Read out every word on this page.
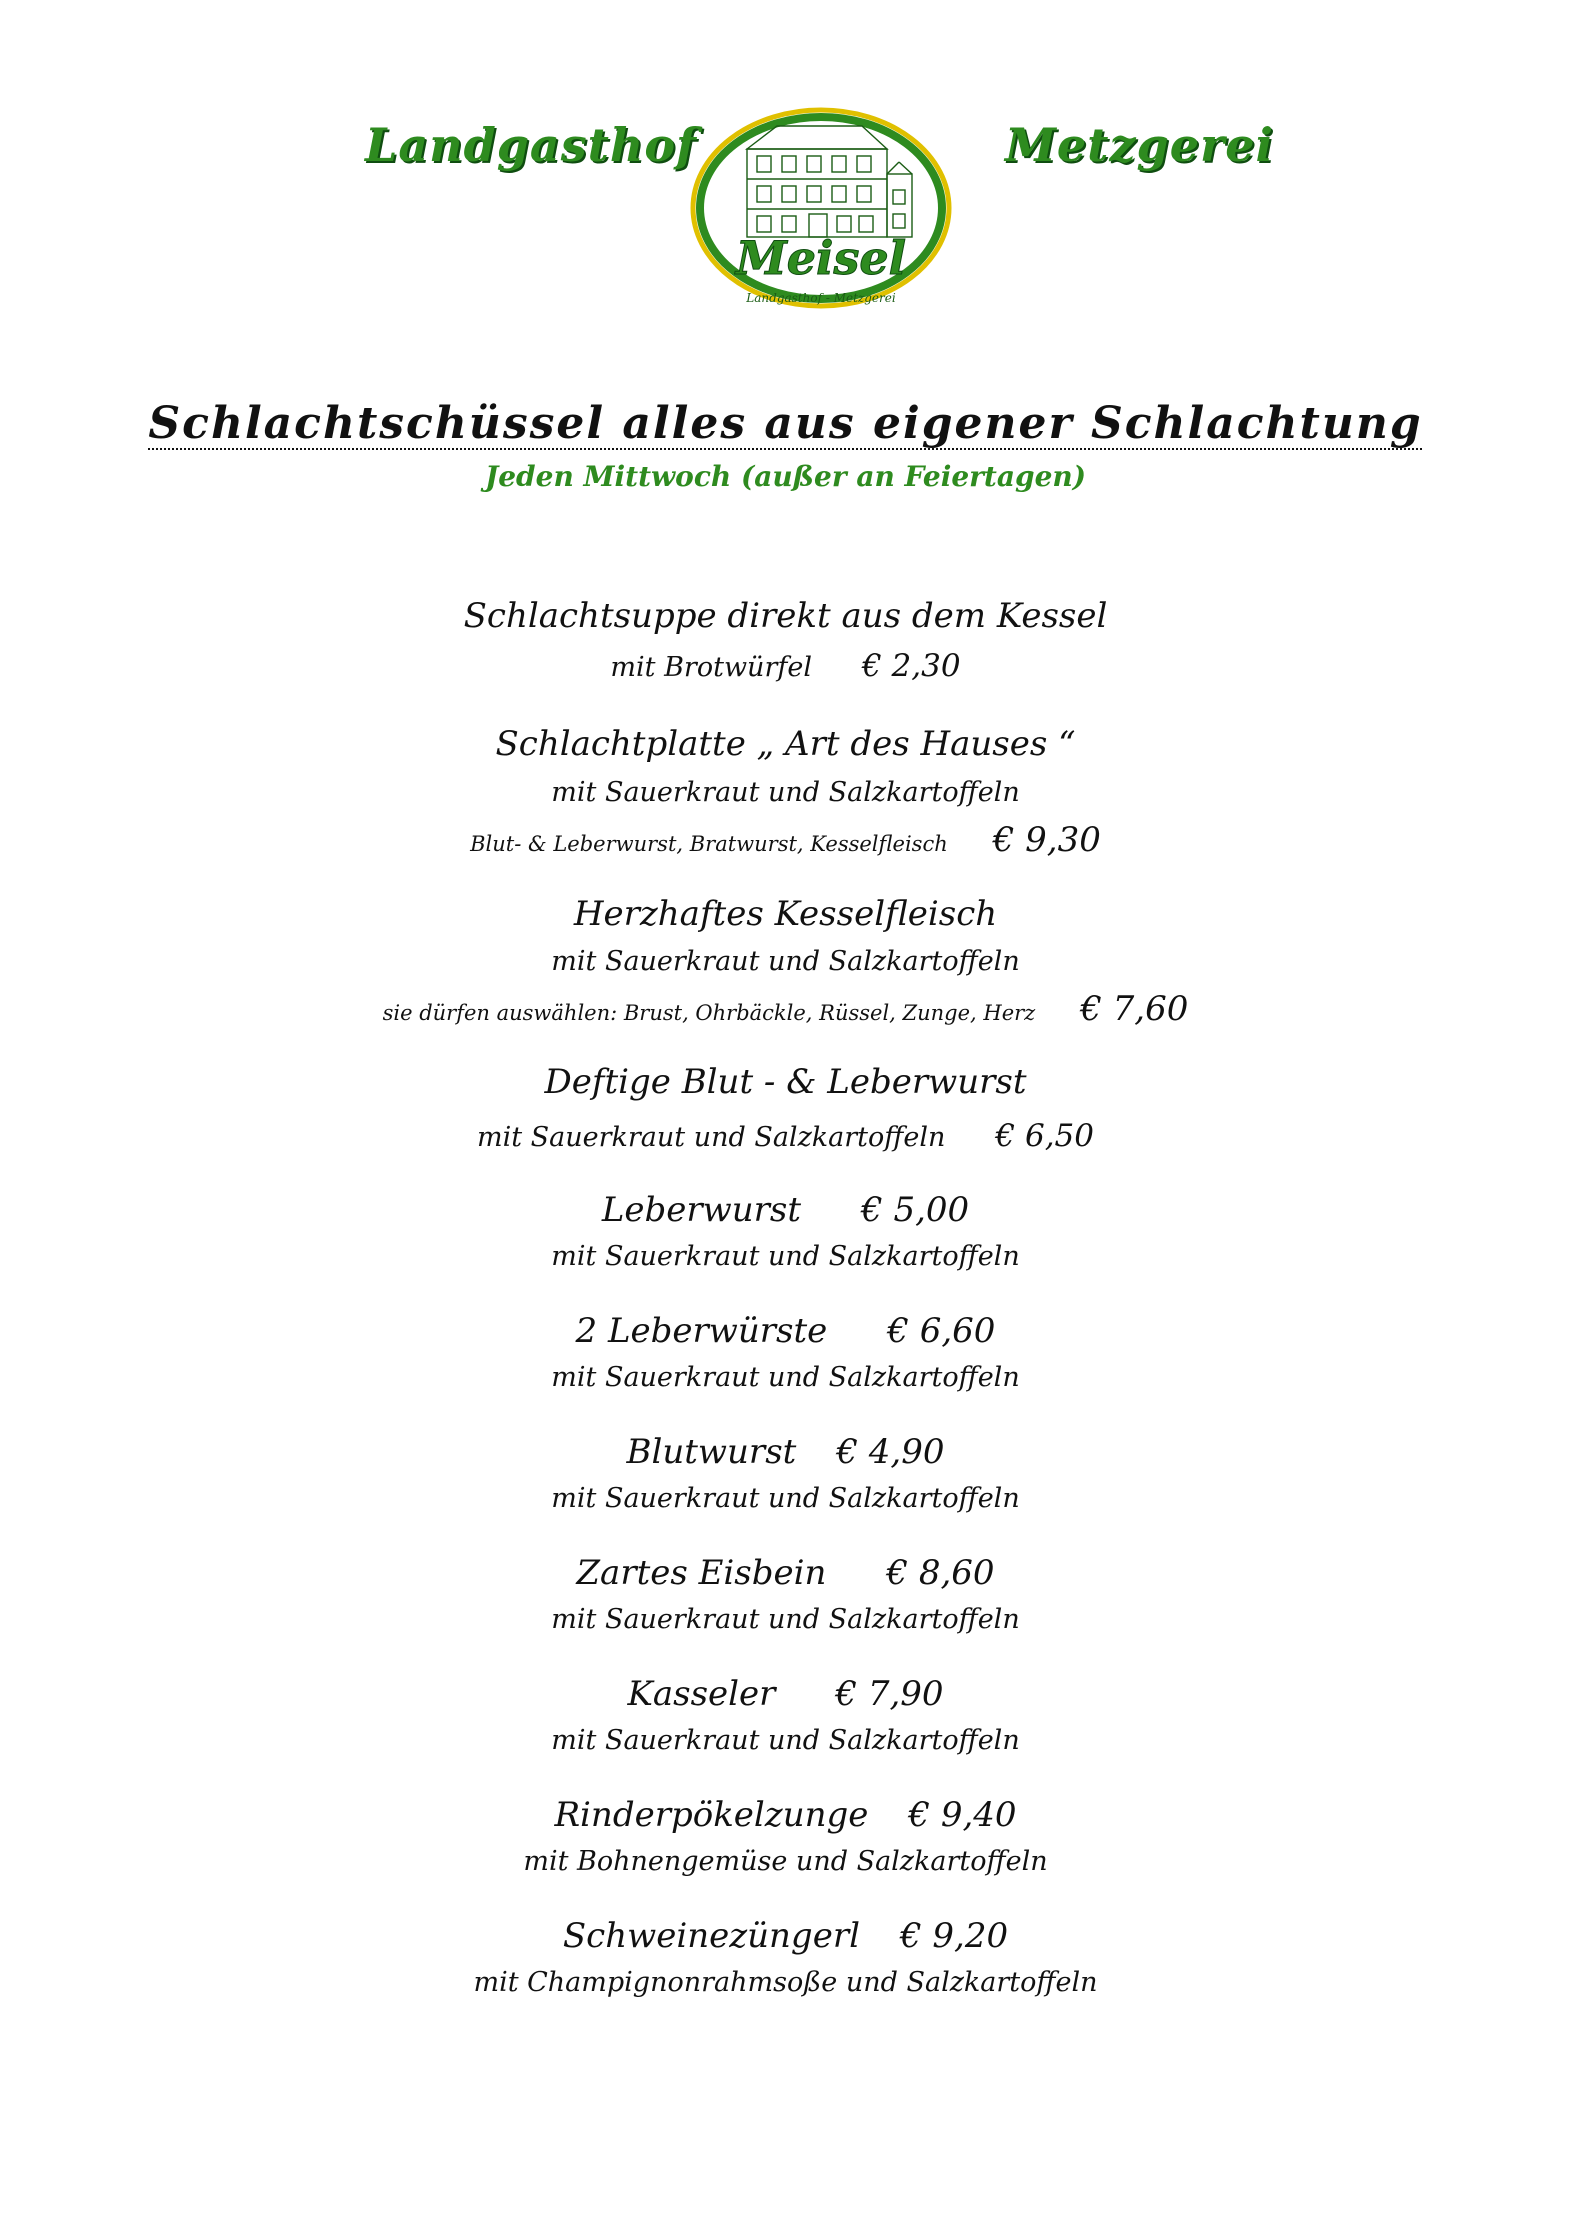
Landgasthof	Metzgerei
Meisel
Landgasthof - Metzgerei
Schlachtschüssel alles aus eigener Schlachtung
Jeden Mittwoch (außer an Feiertagen)
Schlachtsuppe direkt aus dem Kessel
mit Brotwürfel € 2,30
Schlachtplatte „ Art des Hauses “
mit Sauerkraut und Salzkartoffeln
Blut- & Leberwurst, Bratwurst, Kesselfleisch € 9,30
Herzhaftes Kesselfleisch
mit Sauerkraut und Salzkartoffeln
sie dürfen auswählen: Brust, Ohrbäckle, Rüssel, Zunge, Herz € 7,60
Deftige Blut - & Leberwurst
mit Sauerkraut und Salzkartoffeln € 6,50
Leberwurst € 5,00
mit Sauerkraut und Salzkartoffeln
2 Leberwürste € 6,60
mit Sauerkraut und Salzkartoffeln
Blutwurst € 4,90
mit Sauerkraut und Salzkartoffeln
Zartes Eisbein € 8,60
mit Sauerkraut und Salzkartoffeln
Kasseler € 7,90
mit Sauerkraut und Salzkartoffeln
Rinderpökelzunge € 9,40
mit Bohnengemüse und Salzkartoffeln
Schweinezüngerl € 9,20
mit Champignonrahmsoße und Salzkartoffeln
